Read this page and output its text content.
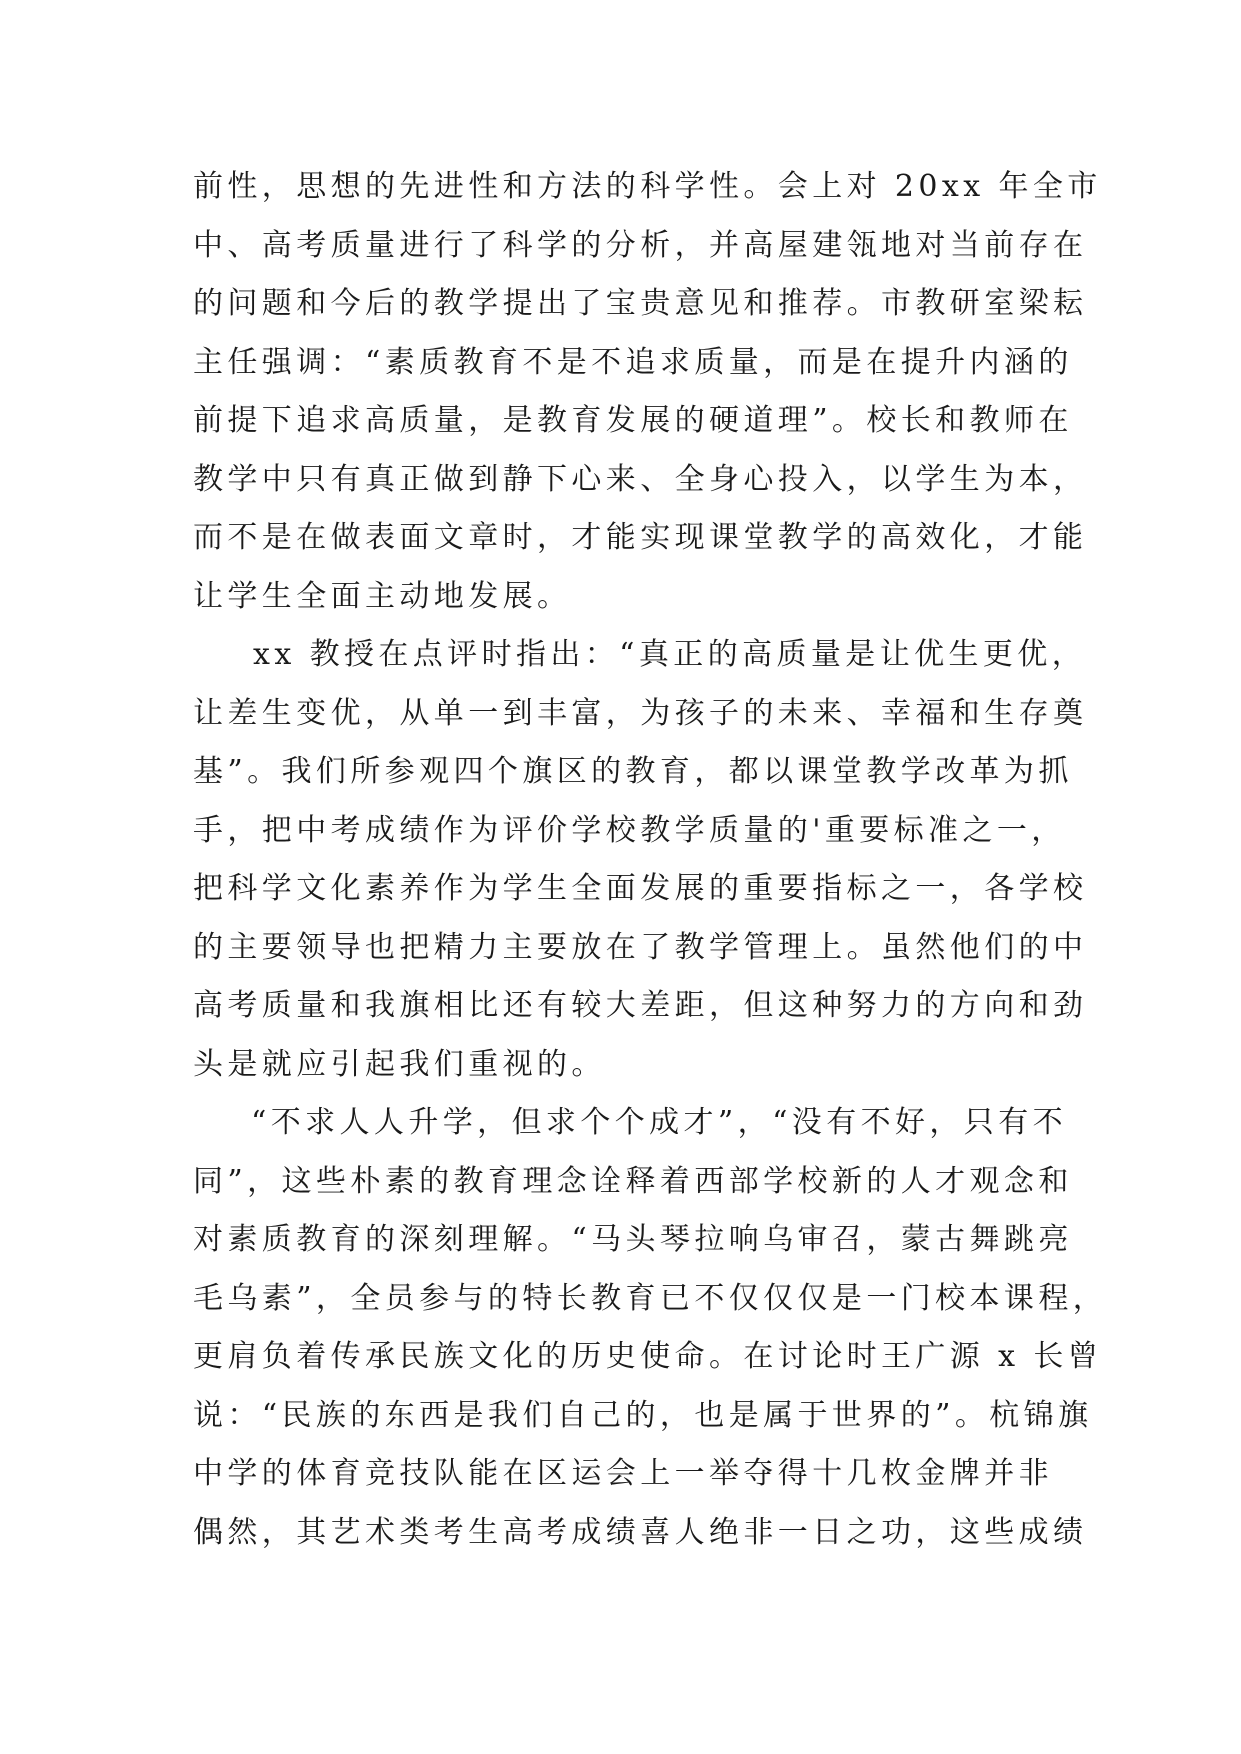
前性，思想的先进性和方法的科学性。会上对 20xx 年全市
中、高考质量进行了科学的分析，并高屋建瓴地对当前存在
的问题和今后的教学提出了宝贵意见和推荐。市教研室梁耘
主任强调：“素质教育不是不追求质量，而是在提升内涵的
前提下追求高质量，是教育发展的硬道理”。校长和教师在
教学中只有真正做到静下心来、全身心投入，以学生为本，
而不是在做表面文章时，才能实现课堂教学的高效化，才能
让学生全面主动地发展。
xx 教授在点评时指出：“真正的高质量是让优生更优，
让差生变优，从单一到丰富，为孩子的未来、幸福和生存奠
基”。我们所参观四个旗区的教育，都以课堂教学改革为抓
手，把中考成绩作为评价学校教学质量的'重要标准之一，
把科学文化素养作为学生全面发展的重要指标之一，各学校
的主要领导也把精力主要放在了教学管理上。虽然他们的中
高考质量和我旗相比还有较大差距，但这种努力的方向和劲
头是就应引起我们重视的。
“不求人人升学，但求个个成才”，“没有不好，只有不
同”，这些朴素的教育理念诠释着西部学校新的人才观念和
对素质教育的深刻理解。“马头琴拉响乌审召，蒙古舞跳亮
毛乌素”，全员参与的特长教育已不仅仅仅是一门校本课程，
更肩负着传承民族文化的历史使命。在讨论时王广源 x 长曾
说：“民族的东西是我们自己的，也是属于世界的”。杭锦旗
中学的体育竞技队能在区运会上一举夺得十几枚金牌并非
偶然，其艺术类考生高考成绩喜人绝非一日之功，这些成绩
